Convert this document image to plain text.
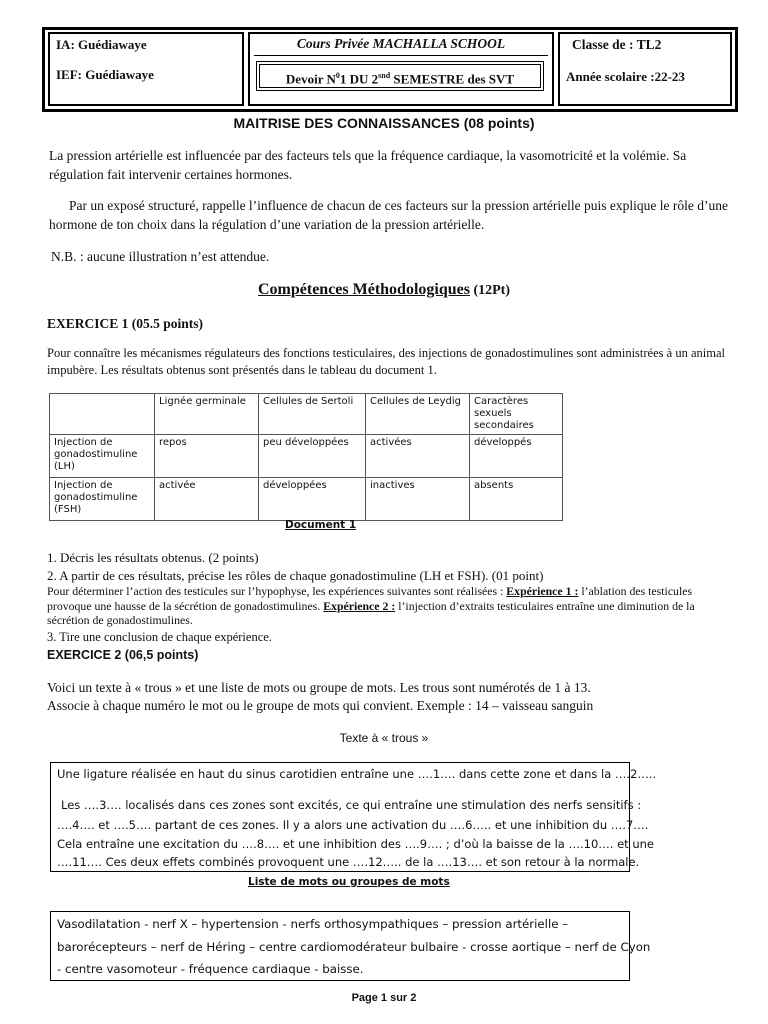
IA: Guédiawaye
IEF: Guédiawaye
Cours Privée MACHALLA SCHOOL
Devoir $N^01$ DU $2^{snd}$ SEMESTRE des SVT
Classe de : TL2
Année scolaire :22-23
MAITRISE DES CONNAISSANCES (08 points)

La pression artérielle est influencée par des facteurs tels que la fréquence cardiaque, la vasomotricité et la volémie. Sa régulation fait intervenir certaines hormones.

Par un exposé structuré, rappelle l’influence de chacun de ces facteurs sur la pression artérielle puis explique le rôle d’une hormone de ton choix dans la régulation d’une variation de la pression artérielle.

N.B. : aucune illustration n’est attendue.
Compétences Méthodologiques (12Pt)
EXERCICE 1 (05.5 points)
Pour connaître les mécanismes régulateurs des fonctions testiculaires, des injections de gonadostimulines sont administrées à un animal impubère. Les résultats obtenus sont présentés dans le tableau du document 1.
	Lignée germinale	Cellules de Sertoli	Cellules de Leydig	Caractères sexuels secondaires
Injection de gonadostimuline (LH)	repos	peu développées	activées	développés
Injection de gonadostimuline (FSH)	activée	développées	inactives	absents
Document 1
1. Décris les résultats obtenus. (2 points)
2. A partir de ces résultats, précise les rôles de chaque gonadostimuline (LH et FSH). (01 point)
Pour déterminer l’action des testicules sur l’hypophyse, les expériences suivantes sont réalisées : Expérience 1 : l’ablation des testicules provoque une hausse de la sécrétion de gonadostimulines. Expérience 2 : l’injection d’extraits testiculaires entraîne une diminution de la sécrétion de gonadostimulines.
3. Tire une conclusion de chaque expérience.
EXERCICE 2 (06,5 points)
Voici un texte à « trous » et une liste de mots ou groupe de mots. Les trous sont numérotés de 1 à 13.
Associe à chaque numéro le mot ou le groupe de mots qui convient. Exemple : 14 – vaisseau sanguin
Texte à « trous »
Une ligature réalisée en haut du sinus carotidien entraîne une ….1…. dans cette zone et dans la ….2…..
Les ….3…. localisés dans ces zones sont excités, ce qui entraîne une stimulation des nerfs sensitifs :
….4…. et ….5…. partant de ces zones. Il y a alors une activation du ….6….. et une inhibition du ….7….
Cela entraîne une excitation du ….8…. et une inhibition des ….9…. ; d’où la baisse de la ….10…. et une
….11…. Ces deux effets combinés provoquent une ….12….. de la ….13…. et son retour à la normale.
Liste de mots ou groupes de mots
Vasodilatation - nerf X – hypertension - nerfs orthosympathiques – pression artérielle –
barorécepteurs – nerf de Héring – centre cardiomodérateur bulbaire - crosse aortique – nerf de Cyon
- centre vasomoteur - fréquence cardiaque - baisse.
Page 1 sur 2
